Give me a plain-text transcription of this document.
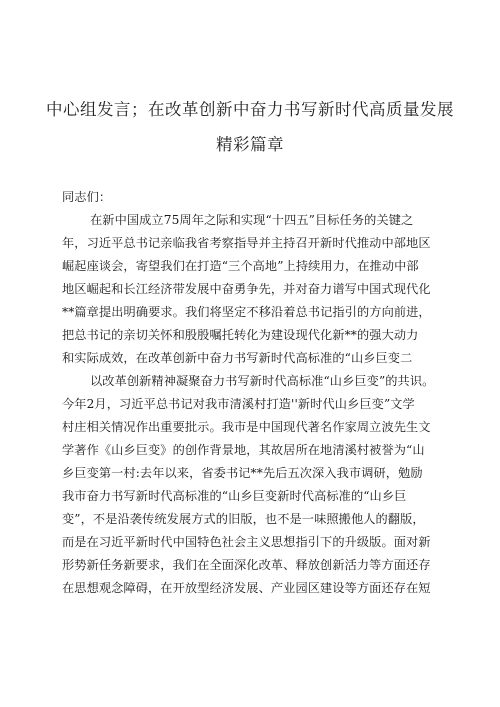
中心组发言；在改革创新中奋力书写新时代高质量发展
精彩篇章
同志们：
在新中国成立75周年之际和实现“十四五”目标任务的关键之
年，习近平总书记亲临我省考察指导并主持召开新时代推动中部地区
崛起座谈会，寄望我们在打造“三个高地”上持续用力，在推动中部
地区崛起和长江经济带发展中奋勇争先，并对奋力谱写中国式现代化
**篇章提出明确要求。我们将坚定不移沿着总书记指引的方向前进，
把总书记的亲切关怀和殷殷嘱托转化为建设现代化新**的强大动力
和实际成效，在改革创新中奋力书写新时代高标准的“山乡巨变二
以改革创新精神凝聚奋力书写新时代高标准“山乡巨变”的共识。
今年2月，习近平总书记对我市清溪村打造''新时代山乡巨变”文学
村庄相关情况作出重要批示。我市是中国现代著名作家周立波先生文
学著作《山乡巨变》的创作背景地，其故居所在地清溪村被誉为“山
乡巨变第一村:去年以来，省委书记**先后五次深入我市调研，勉励
我市奋力书写新时代高标准的“山乡巨变新时代高标准的“山乡巨
变”，不是沿袭传统发展方式的旧版，也不是一味照搬他人的翻版，
而是在习近平新时代中国特色社会主义思想指引下的升级版。面对新
形势新任务新要求，我们在全面深化改革、释放创新活力等方面还存
在思想观念障碍，在开放型经济发展、产业园区建设等方面还存在短
